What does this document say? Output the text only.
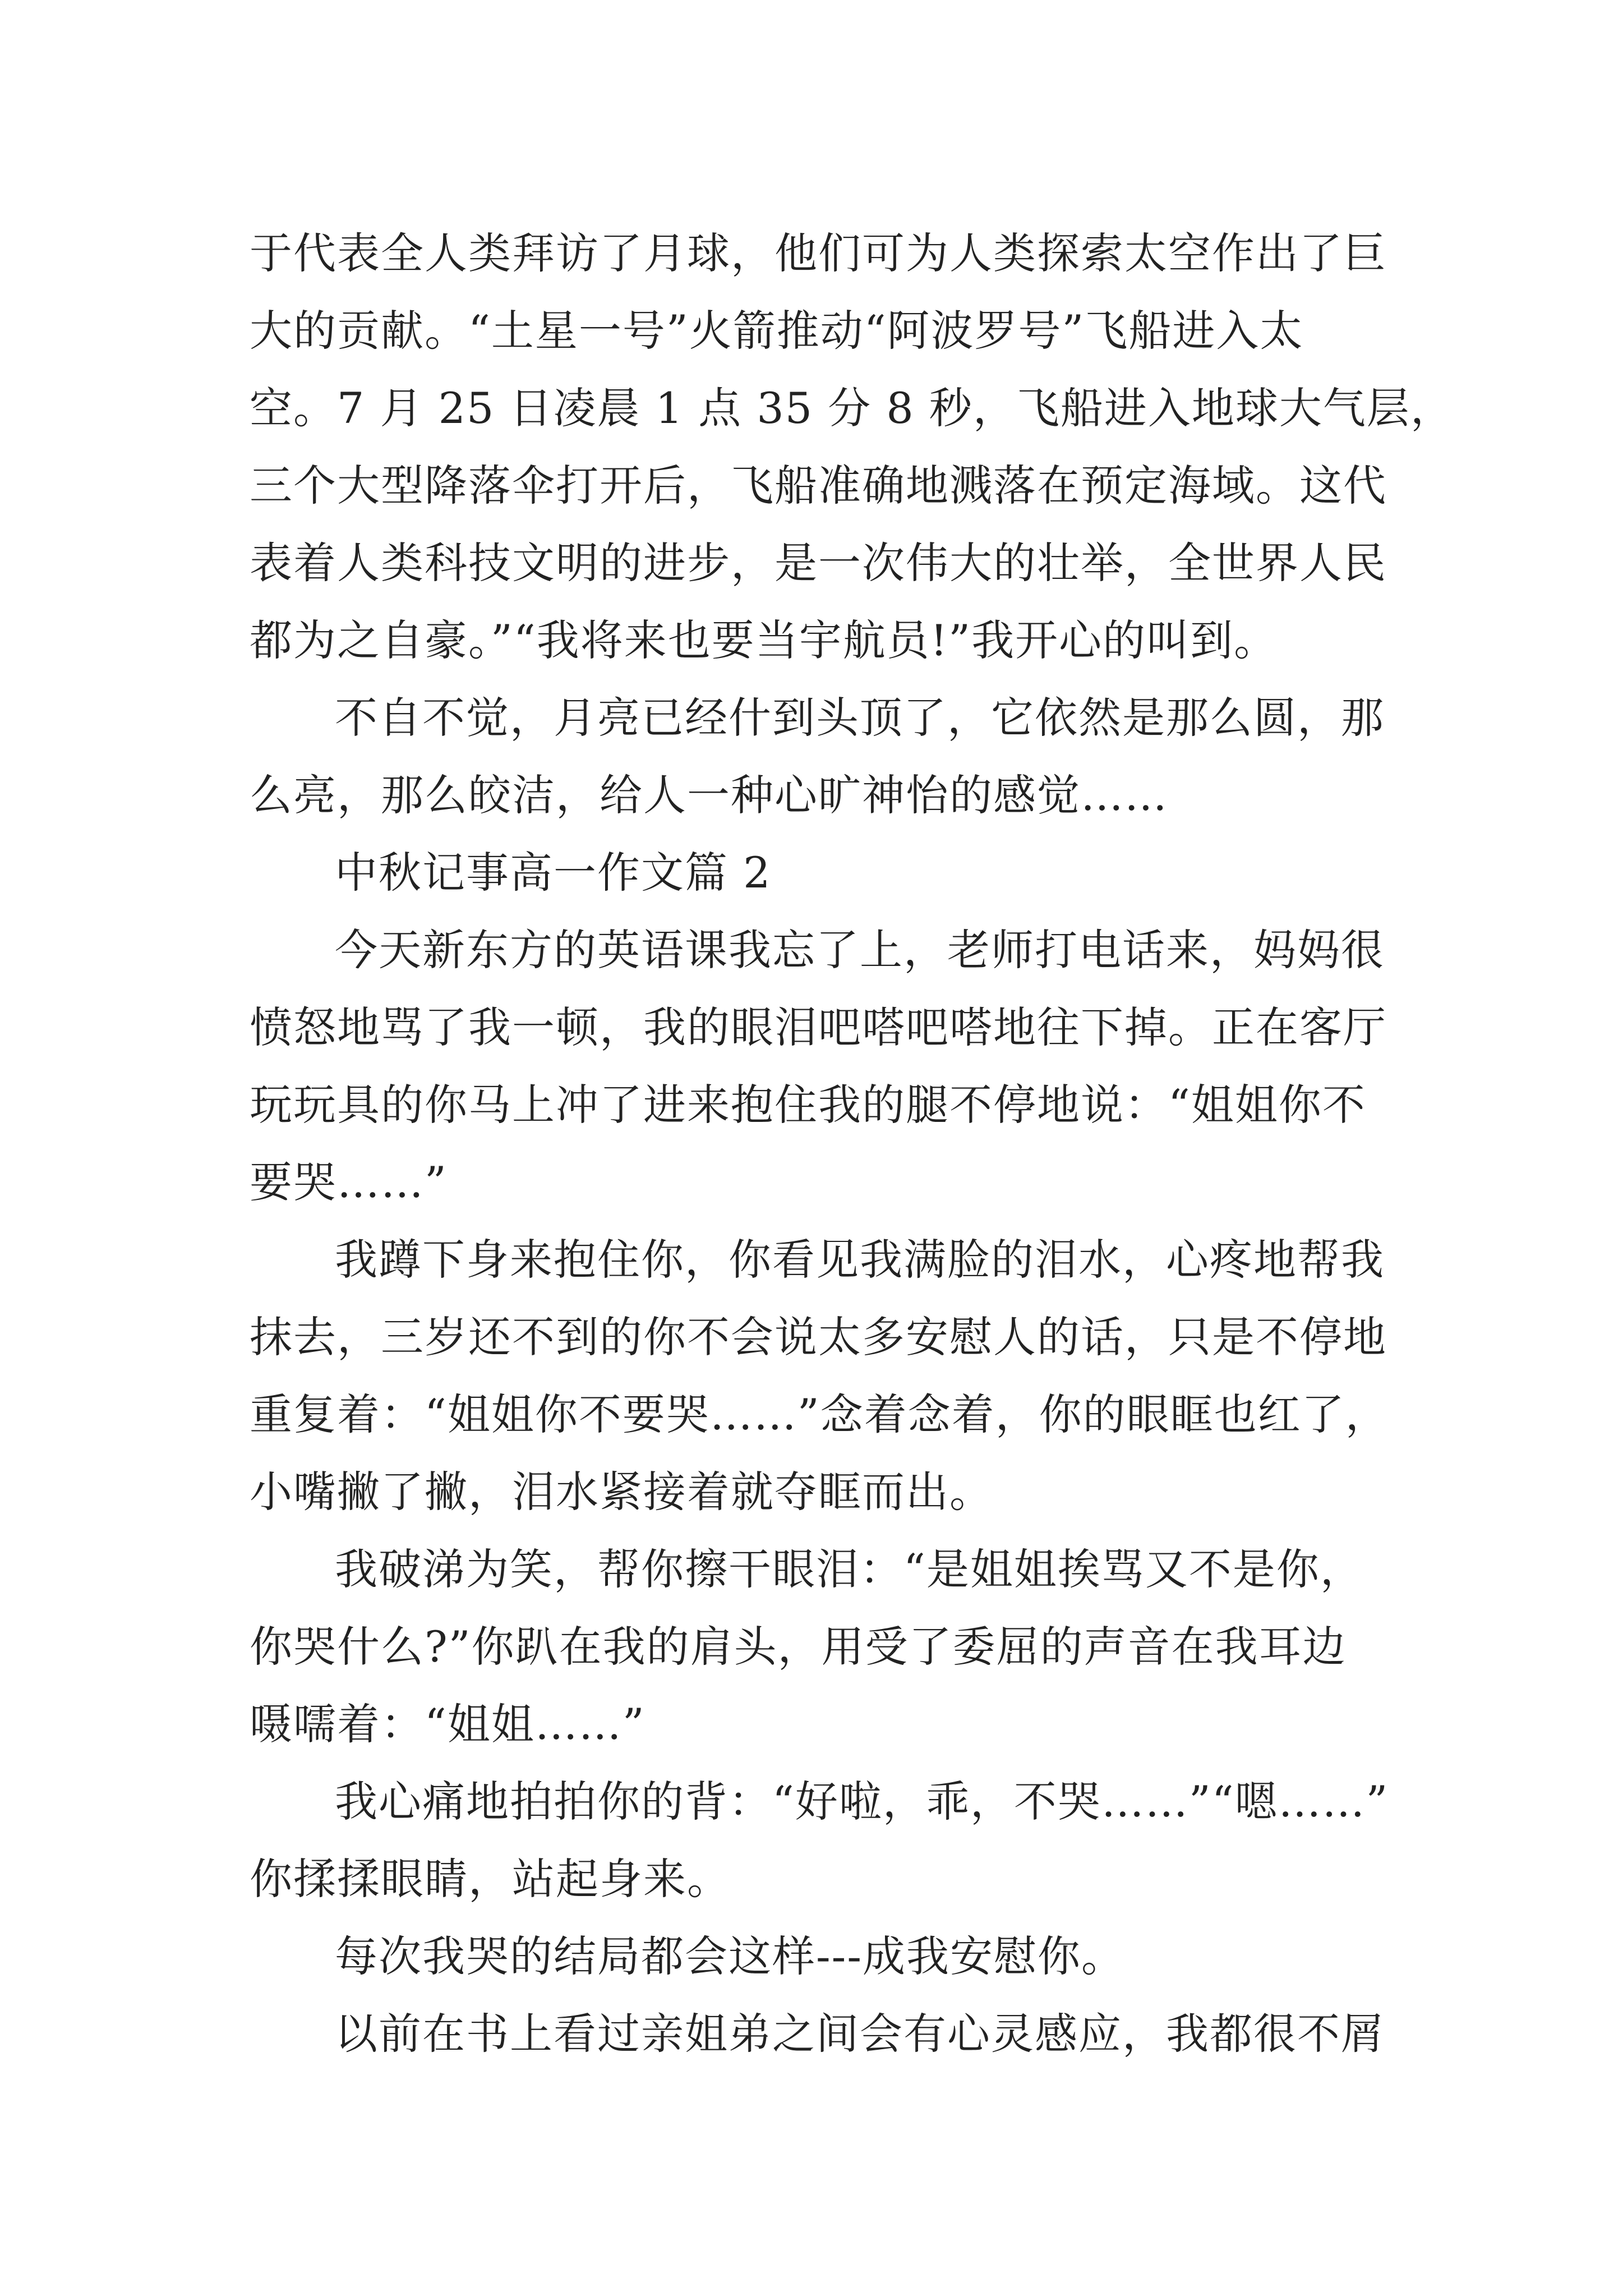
于代表全人类拜访了月球，他们可为人类探索太空作出了巨
大的贡献。“土星一号”火箭推动“阿波罗号”飞船进入太
空。7 月 25 日凌晨 1 点 35 分 8 秒，飞船进入地球大气层，
三个大型降落伞打开后，飞船准确地溅落在预定海域。这代
表着人类科技文明的进步，是一次伟大的壮举，全世界人民
都为之自豪。”“我将来也要当宇航员!”我开心的叫到。
不自不觉，月亮已经什到头顶了，它依然是那么圆，那
么亮，那么皎洁，给人一种心旷神怡的感觉……
中秋记事高一作文篇 2
今天新东方的英语课我忘了上，老师打电话来，妈妈很
愤怒地骂了我一顿，我的眼泪吧嗒吧嗒地往下掉。正在客厅
玩玩具的你马上冲了进来抱住我的腿不停地说：“姐姐你不
要哭……”
我蹲下身来抱住你，你看见我满脸的泪水，心疼地帮我
抹去，三岁还不到的你不会说太多安慰人的话，只是不停地
重复着：“姐姐你不要哭……”念着念着，你的眼眶也红了，
小嘴撇了撇，泪水紧接着就夺眶而出。
我破涕为笑，帮你擦干眼泪：“是姐姐挨骂又不是你，
你哭什么?”你趴在我的肩头，用受了委屈的声音在我耳边
嗫嚅着：“姐姐……”
我心痛地拍拍你的背：“好啦，乖，不哭……”“嗯……”
你揉揉眼睛，站起身来。
每次我哭的结局都会这样---成我安慰你。
以前在书上看过亲姐弟之间会有心灵感应，我都很不屑
